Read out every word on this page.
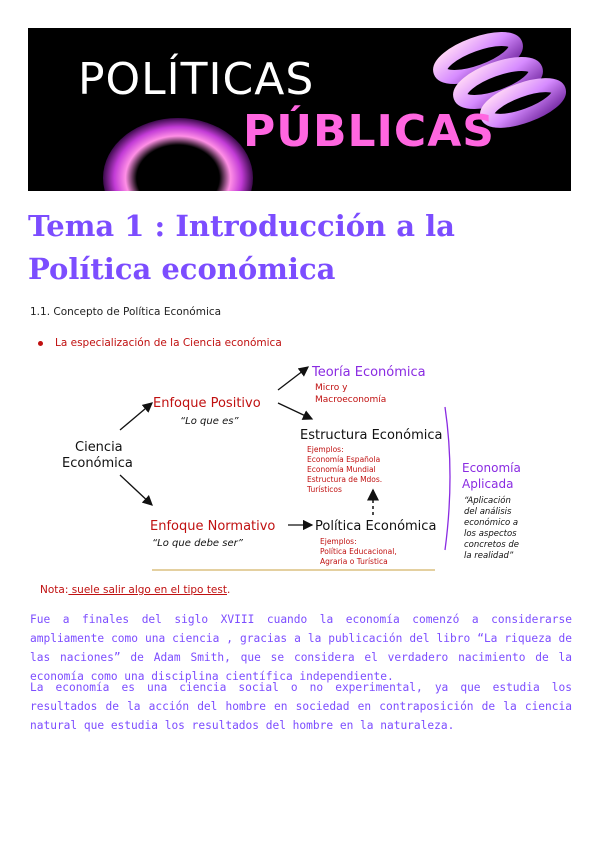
POLÍTICAS
PÚBLICAS
Tema 1 : Introducción a la Política económica
1.1. Concepto de Política Económica
La especialización de la Ciencia económica
Ciencia
Económica
Enfoque Positivo
“Lo que es”
Enfoque Normativo
“Lo que debe ser”
Teoría Económica
Micro y
Macroeconomía
Estructura Económica
Ejemplos:
Economía Española
Economía Mundial
Estructura de Mdos.
Turísticos
Política Económica
Ejemplos:
Política Educacional,
Agraria o Turística
Economía
Aplicada
“Aplicación
del análisis
económico a
los aspectos
concretos de
la realidad”
Nota: suele salir algo en el tipo test.
Fue a finales del siglo XVIII cuando la economía comenzó a considerarse ampliamente como una ciencia , gracias a la publicación del libro “La riqueza de las naciones” de Adam Smith, que se considera el verdadero nacimiento de la economía como una disciplina científica independiente.
La economía es una ciencia social o no experimental, ya que estudia los resultados de la acción del hombre en sociedad en contraposición de la ciencia natural que estudia los resultados del hombre en la naturaleza.
